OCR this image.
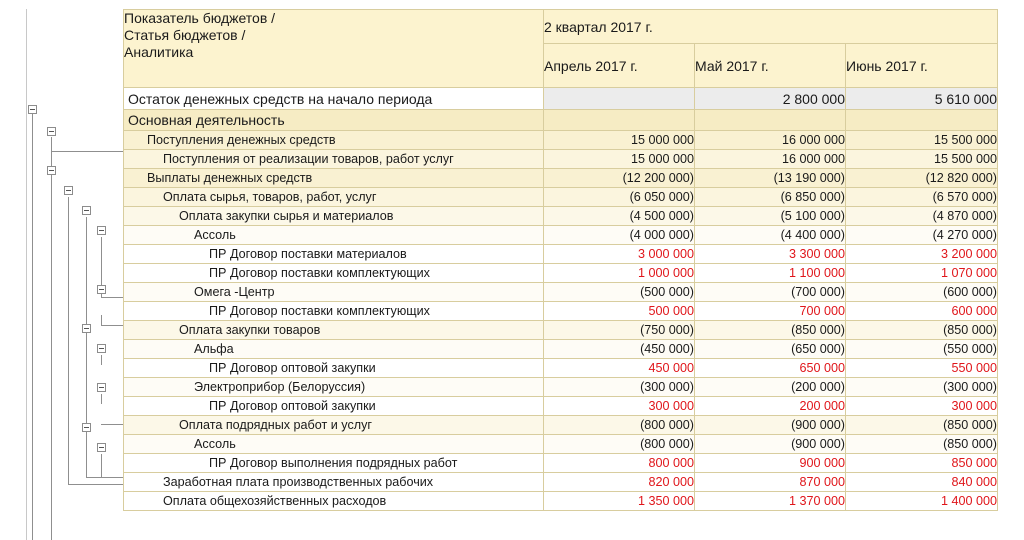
Показатель бюджетов /
Статья бюджетов /
Аналитика	2 квартал 2017 г.		
	Апрель 2017 г.	Май 2017 г.	Июнь 2017 г.
Остаток денежных средств на начало периода		2 800 000	5 610 000
Основная деятельность			
Поступления денежных средств	15 000 000	16 000 000	15 500 000
Поступления от реализации товаров, работ услуг	15 000 000	16 000 000	15 500 000
Выплаты денежных средств	(12 200 000)	(13 190 000)	(12 820 000)
Оплата сырья, товаров, работ, услуг	(6 050 000)	(6 850 000)	(6 570 000)
Оплата закупки сырья и материалов	(4 500 000)	(5 100 000)	(4 870 000)
Ассоль	(4 000 000)	(4 400 000)	(4 270 000)
ПР Договор поставки материалов	3 000 000	3 300 000	3 200 000
ПР Договор поставки комплектующих	1 000 000	1 100 000	1 070 000
Омега -Центр	(500 000)	(700 000)	(600 000)
ПР Договор поставки комплектующих	500 000	700 000	600 000
Оплата закупки товаров	(750 000)	(850 000)	(850 000)
Альфа	(450 000)	(650 000)	(550 000)
ПР Договор оптовой закупки	450 000	650 000	550 000
Электроприбор (Белоруссия)	(300 000)	(200 000)	(300 000)
ПР Договор оптовой закупки	300 000	200 000	300 000
Оплата подрядных работ и услуг	(800 000)	(900 000)	(850 000)
Ассоль	(800 000)	(900 000)	(850 000)
ПР Договор выполнения подрядных работ	800 000	900 000	850 000
Заработная плата производственных рабочих	820 000	870 000	840 000
Оплата общехозяйственных расходов	1 350 000	1 370 000	1 400 000
